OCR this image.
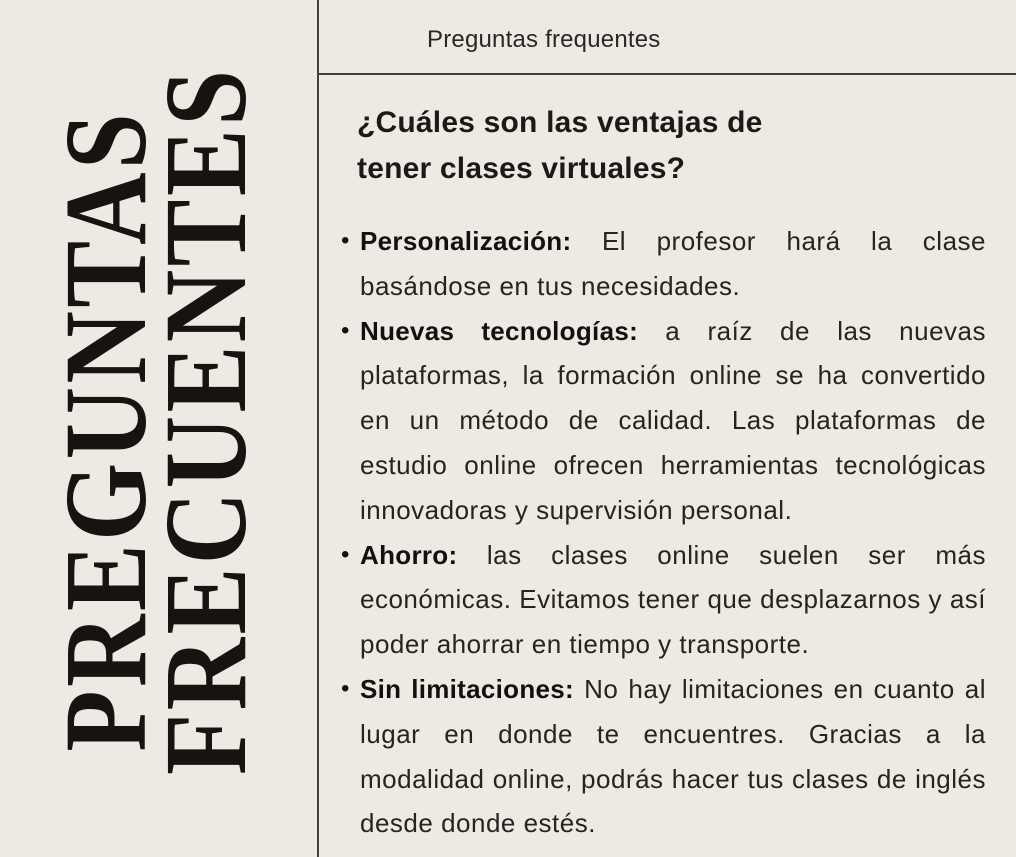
PREGUNTAS
FRECUENTES
Preguntas frequentes
¿Cuáles son las ventajas de
tener clases virtuales?
• Personalización: El profesor hará la clase basándose en tus necesidades.
• Nuevas tecnologías: a raíz de las nuevas plataformas, la formación online se ha convertido en un método de calidad. Las plataformas de estudio online ofrecen herramientas tecnológicas innovadoras y supervisión personal.
• Ahorro: las clases online suelen ser más económicas. Evitamos tener que desplazarnos y así poder ahorrar en tiempo y transporte.
• Sin limitaciones: No hay limitaciones en cuanto al lugar en donde te encuentres. Gracias a la modalidad online, podrás hacer tus clases de inglés desde donde estés.
